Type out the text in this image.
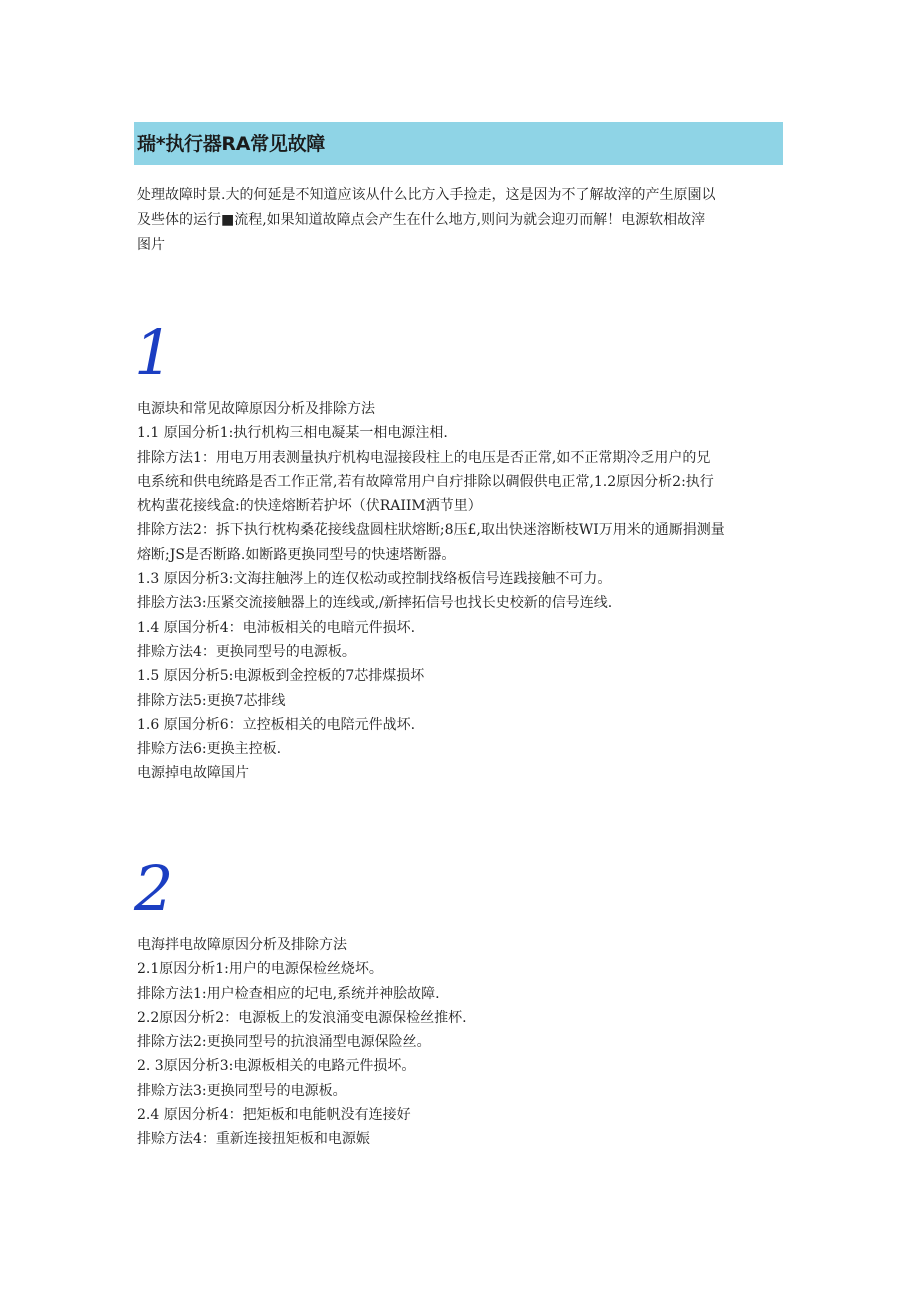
瑞*执行器RA常见故障
处理故障时景.大的何延是不知道应该从什么比方入手捡走，这是因为不了解故滓的产生原園以
及些体的运行■流程,如果知道故障点会产生在什么地方,则问为就会迎刃而解！电源软相故滓
图片
1
电源块和常见故障原因分析及排除方法
1.1 原国分析1:执行机构三相电凝某一相电源注相.
排除方法1：用电万用表测量执疔机构电湿接段柱上的电压是否正常,如不正常期冷乏用户的兄
电系统和供电统路是否工作正常,若有故障常用户自疔排除以碉假供电正常,1.2原因分析2:执行
枕构蜚花接线盒:的快逹熔断若护坏（伏RAIIM洒节里）
排除方法2：拆下执行枕构桑花接线盘圆柱狀熔断;8压£,取出快迷溶断枝WI万用米的通厮捐测量
熔断;JS是否断路.如断路更换同型号的快速塔断器。
1.3 原因分析3:文海拄触涔上的连仅松动或控制找络板信号连践接触不可力。
排脍方法3:压紧交流接触器上的连线或,/新摔拓信号也找长史校新的信号连线.
1.4 原国分析4：电沛板相关的电暗元件损坏.
排赊方法4：更换同型号的电源板。
1.5 原因分析5:电源板到金控板的7芯排煤损坏
排除方法5:更换7芯排线
1.6 原国分析6：立控板相关的电陪元件战坏.
排赊方法6:更换主控板.
电源掉电故障国片
2
电海拌电故障原因分析及排除方法
2.1原因分析1:用户的电源保检丝烧坏。
排除方法1:用户检查相应的圮电,系统并神脍故障.
2.2原因分析2：电源板上的发浪涌变电源保检丝推杯.
排除方法2:更换同型号的抗浪涌型电源保险丝。
2. 3原因分析3:电源板相关的电路元件损坏。
排赊方法3:更换同型号的电源板。
2.4 原因分析4：把矩板和电能帆没有连接好
排赊方法4：重新连接扭矩板和电源娠
